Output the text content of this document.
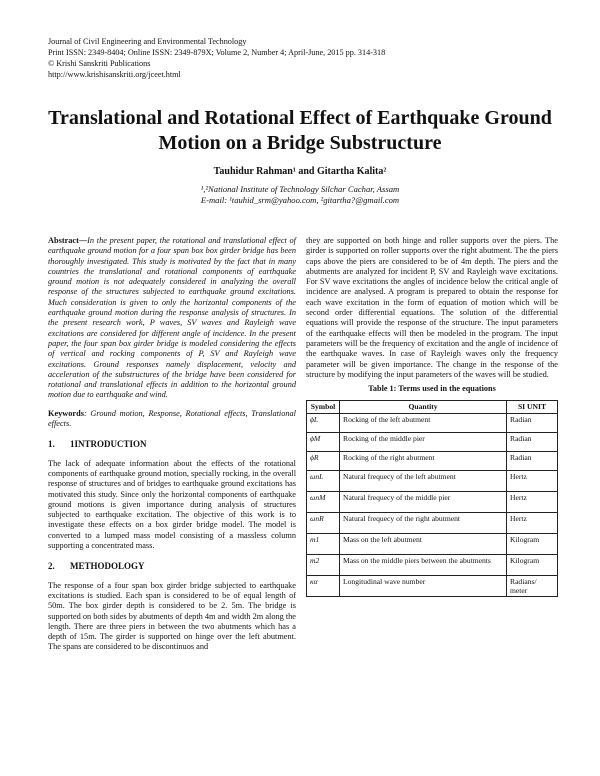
Journal of Civil Engineering and Environmental Technology
Print ISSN: 2349-8404; Online ISSN: 2349-879X; Volume 2, Number 4; April-June, 2015 pp. 314-318
© Krishi Sanskriti Publications
http://www.krishisanskriti.org/jceet.html
Translational and Rotational Effect of Earthquake Ground Motion on a Bridge Substructure
Tauhidur Rahman¹ and Gitartha Kalita²
¹,²National Institute of Technology Silchar Cachar, Assam
E-mail: ¹tauhid_srm@yahoo.com, ²gitartha?@gmail.com
Abstract—In the present paper, the rotational and translational effect of earthquake ground motion for a four span box box girder bridge has been thoroughly investigated. This study is motivated by the fact that in many countries the translational and rotational components of earthquake ground motion is not adequately considered in analyzing the overall response of the structures subjected to earthquake ground excitations. Much consideration is given to only the horizontal components of the earthquake ground motion during the response analysis of structures. In the present research work, P waves, SV waves and Rayleigh wave excitations are considered for different angle of incidence. In the present paper, the four span box girder bridge is modeled considering the effects of vertical and rocking components of P, SV and Rayleigh wave excitations. Ground responses namely displacement, velocity and acceleration of the substructures of the bridge have been considered for rotational and translational effects in addition to the horizontal ground motion due to earthquake and wind.
Keywords: Ground motion, Response, Rotational effects, Translational effects.
1. 1INTRODUCTION

The lack of adequate information about the effects of the rotational components of earthquake ground motion, specially rocking, in the overall response of structures and of bridges to earthquake ground excitations has motivated this study. Since only the horizontal components of earthquake ground motions is given importance during analysis of structures subjected to earthquake excitation. The objective of this work is to investigate these effects on a box girder bridge model. The model is converted to a lumped mass model consisting of a massless column supporting a concentrated mass.

2. METHODOLOGY

The response of a four span box girder bridge subjected to earthquake excitations is studied. Each span is considered to be of equal length of 50m. The box girder depth is considered to be 2. 5m. The bridge is supported on both sides by abutments of depth 4m and width 2m along the length. There are three piers in between the two abutments which has a depth of 15m. The girder is supported on hinge over the left abutment. The spans are considered to be discontinuos and

they are supported on both hinge and roller supports over the piers. The girder is supported on roller supports over the right abutment. The the piers caps above the piers are considered to be of 4m depth. The piers and the abutments are analyzed for incident P, SV and Rayleigh wave excitations. For SV wave excitations the angles of incidence below the critical angle of incidence are analysed. A program is prepared to obtain the response for each wave excitation in the form of equation of motion which will be second order differential equations. The solution of the differential equations will provide the response of the structure. The input parameters of the earthquake effects will then be modeled in the program. The input parameters will be the frequency of excitation and the angle of incidence of the earthquake waves. In case of Rayleigh waves only the frequency parameter will be given importance. The change in the response of the structure by modifying the input parameters of the waves will be studied.

Table 1: Terms used in the equations
Symbol	Quantity	SI UNIT
ϕL	Rocking of the left abutment	Radian
ϕM	Rocking of the middle pier	Radian
ϕR	Rocking of the right abutment	Radian
ωnL	Natural frequecy of the left abutment	Hertz
ωnM	Natural frequecy of the middle pier	Hertz
ωnR	Natural frequecy of the right abutment	Hertz
m1	Mass on the left abutment	Kilogram
m2	Mass on the middle piers between the abutments	Kilogram
κα	Longitudinal wave number	Radians/ meter
